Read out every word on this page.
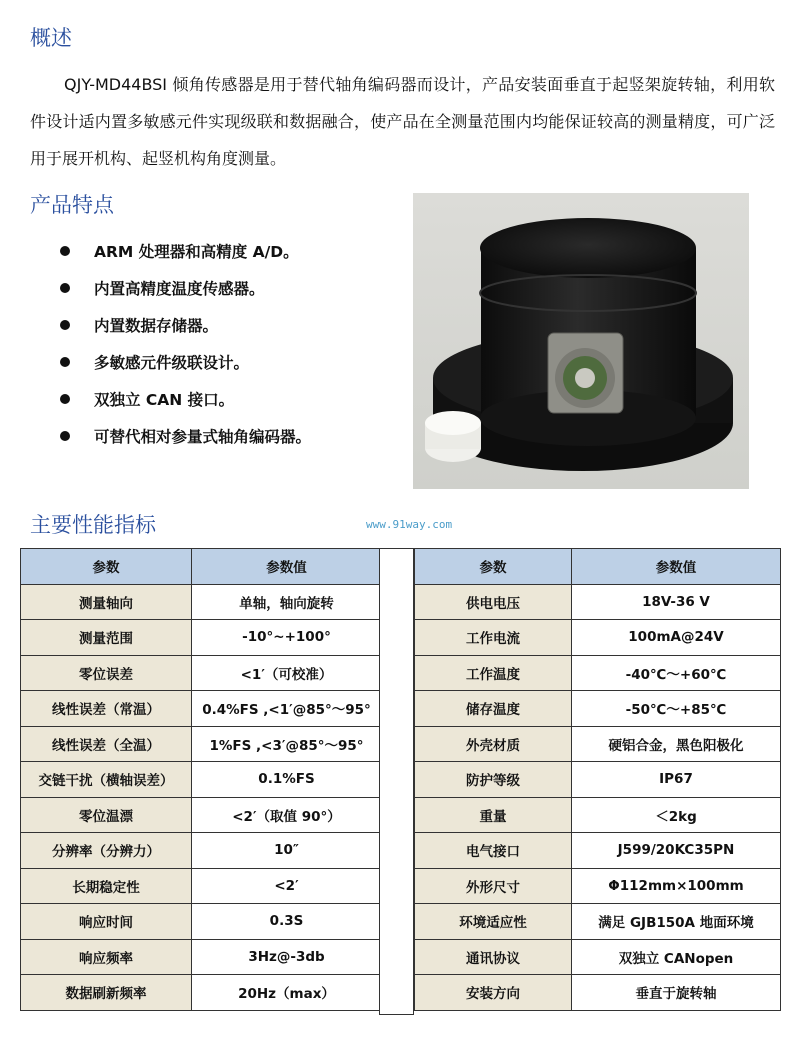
概述

QJY-MD44BSI 倾角传感器是用于替代轴角编码器而设计，产品安装面垂直于起竖架旋转轴，利用软件设计适内置多敏感元件实现级联和数据融合，使产品在全测量范围内均能保证较高的测量精度，可广泛用于展开机构、起竖机构角度测量。

产品特点
ARM 处理器和高精度 A/D。
内置高精度温度传感器。
内置数据存储器。
多敏感元件级联设计。
双独立 CAN 接口。
可替代相对参量式轴角编码器。
主要性能指标	www.91way.com
参数	参数值
测量轴向	单轴，轴向旋转
测量范围	-10°~+100°
零位误差	<1′（可校准）
线性误差（常温）	0.4%FS ,<1′@85°～95°
线性误差（全温）	1%FS ,<3′@85°～95°
交链干扰（横轴误差）	0.1%FS
零位温漂	<2′（取值 90°）
分辨率（分辨力）	10″
长期稳定性	<2′
响应时间	0.3S
响应频率	3Hz@-3db
数据刷新频率	20Hz（max）
参数	参数值
供电电压	18V-36 V
工作电流	100mA@24V
工作温度	-40℃～+60℃
储存温度	-50℃～+85℃
外壳材质	硬铝合金，黑色阳极化
防护等级	IP67
重量	＜2kg
电气接口	J599/20KC35PN
外形尺寸	Φ112mm×100mm
环境适应性	满足 GJB150A 地面环境
通讯协议	双独立 CANopen
安装方向	垂直于旋转轴
